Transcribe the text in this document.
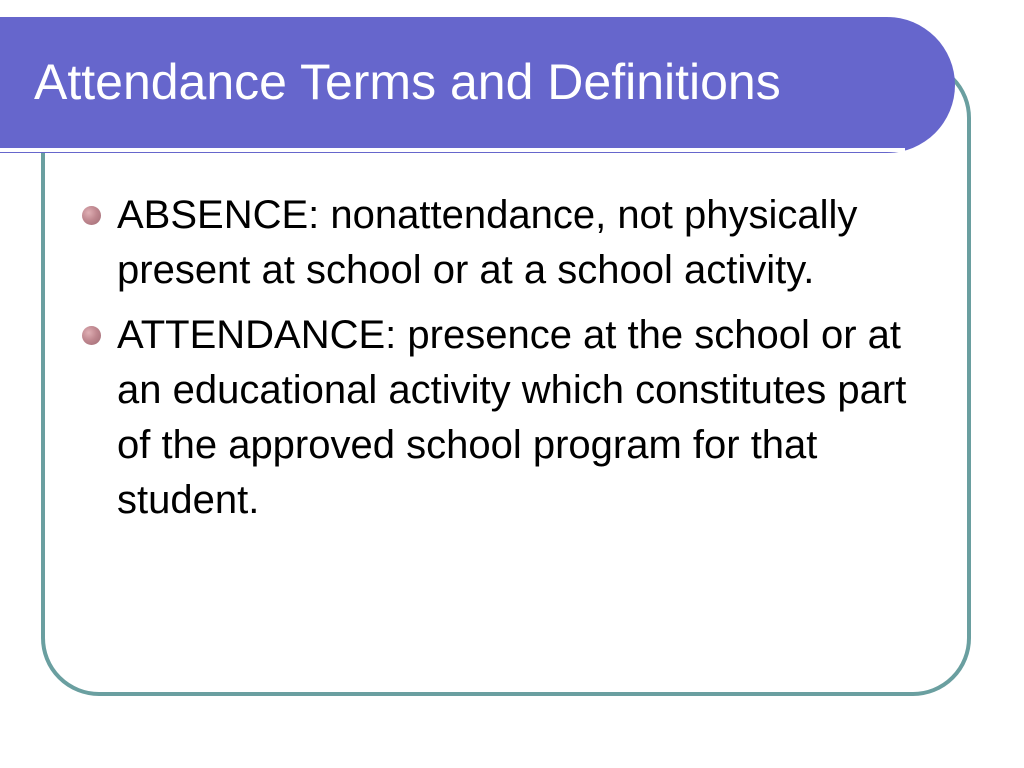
Attendance Terms and Definitions
ABSENCE: nonattendance, not physically present at school or at a school activity.
ATTENDANCE: presence at the school or at an educational activity which constitutes part of the approved school program for that student.
